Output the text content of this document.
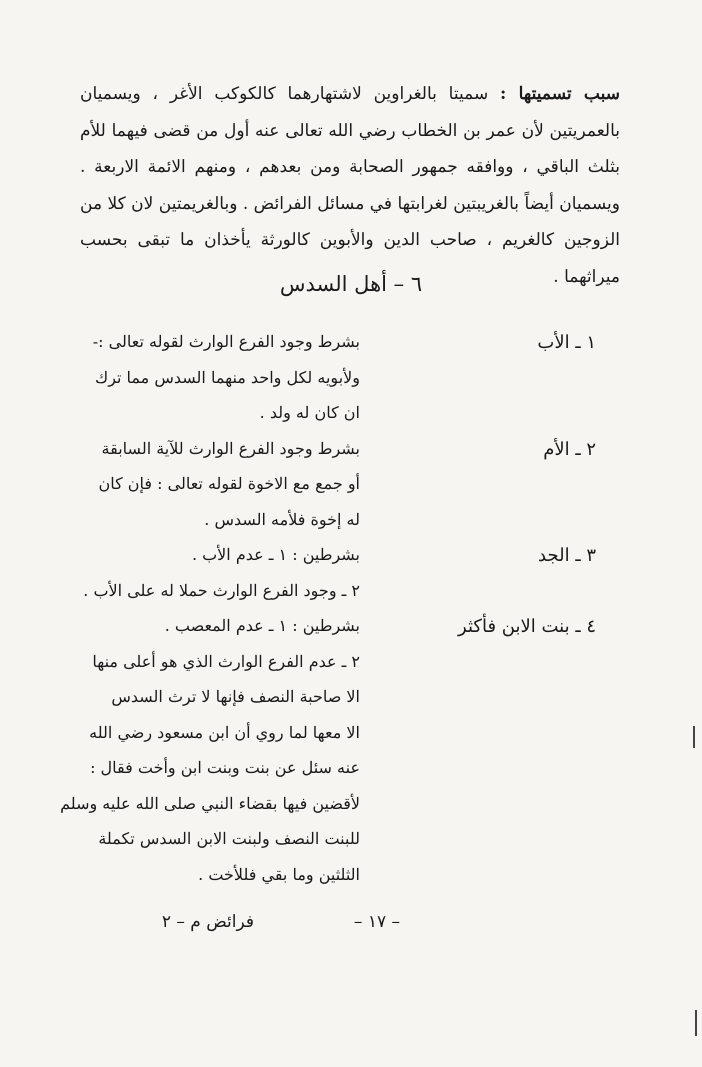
سبب تسميتها : سميتا بالغراوين لاشتهارهما كالكوكب الأغر ، ويسميان بالعمريتين لأن عمر بن الخطاب رضي الله تعالى عنه أول من قضى فيهما للأم بثلث الباقي ، ووافقه جمهور الصحابة ومن بعدهم ، ومنهم الائمة الاربعة . ويسميان أيضاً بالغريبتين لغرابتها في مسائل الفرائض . وبالغريمتين لان كلا من الزوجين كالغريم ، صاحب الدين والأبوين كالورثة يأخذان ما تبقى بحسب ميراثهما .

٦ – أهل السدس
١ ـ الأب
بشرط وجود الفرع الوارث لقوله تعالى :-
ولأبويه لكل واحد منهما السدس مما ترك
ان كان له ولد .
٢ ـ الأم
بشرط وجود الفرع الوارث للآية السابقة
أو جمع مع الاخوة لقوله تعالى : فإن كان
له إخوة فلأمه السدس .
٣ ـ الجد
بشرطين : ١ ـ عدم الأب .
٢ ـ وجود الفرع الوارث حملا له على الأب .
٤ ـ بنت الابن فأكثر
بشرطين : ١ ـ عدم المعصب .
٢ ـ عدم الفرع الوارث الذي هو أعلى منها
الا صاحبة النصف فإنها لا ترث السدس
الا معها لما روي أن ابن مسعود رضي الله
عنه سئل عن بنت وبنت ابن وأخت فقال :
لأقضين فيها بقضاء النبي صلى الله عليه وسلم
للبنت النصف ولبنت الابن السدس تكملة
الثلثين وما بقي فللأخت .
– ١٧ –
فرائض م – ٢
